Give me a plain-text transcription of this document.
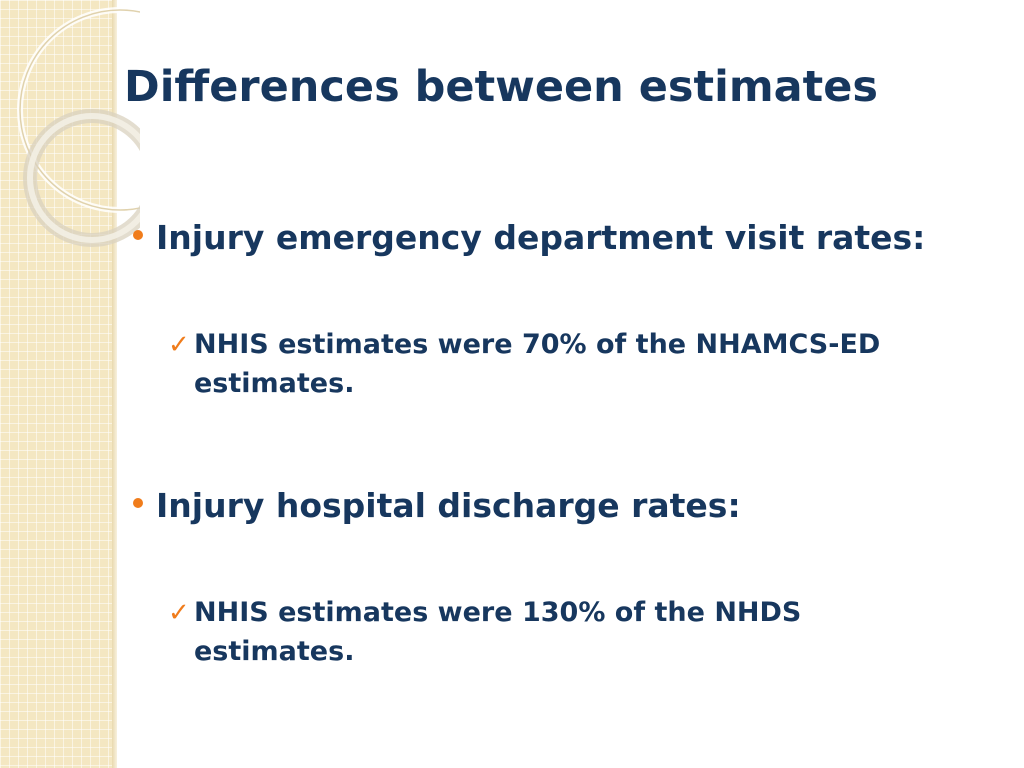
Differences between estimates
Injury emergency department visit rates:
✓ NHIS estimates were 70% of the NHAMCS-ED
estimates.
Injury hospital discharge rates:
✓ NHIS estimates were 130% of the NHDS
estimates.
